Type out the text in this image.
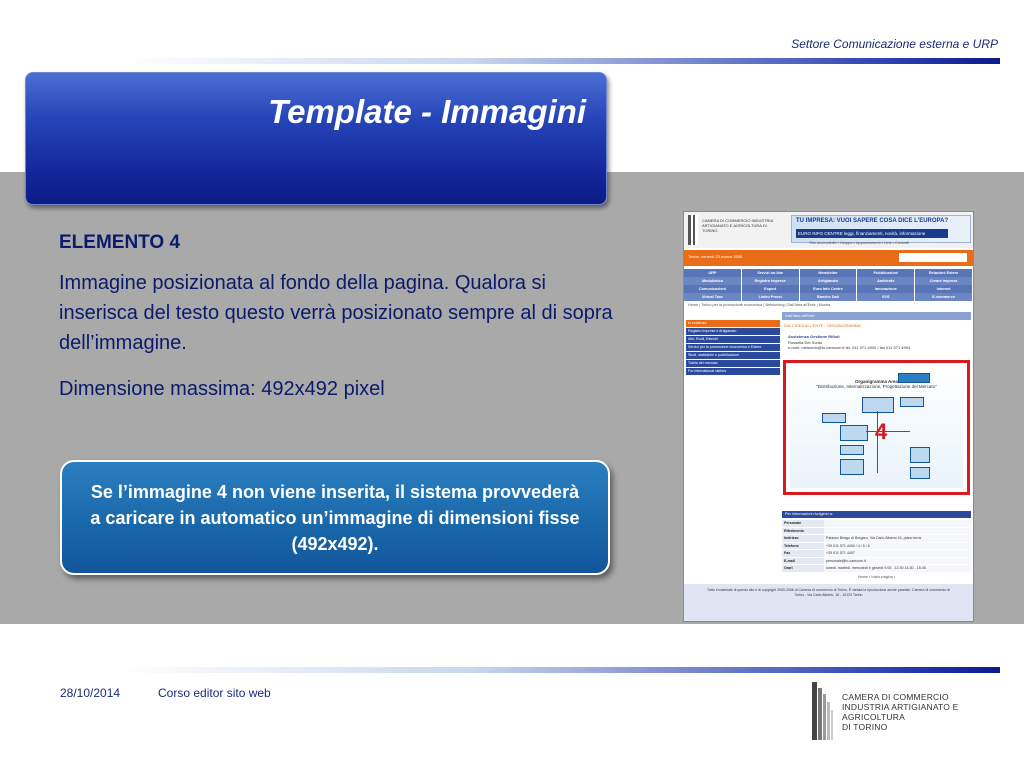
Settore Comunicazione esterna e URP
Template - Immagini

ELEMENTO 4

Immagine posizionata al fondo della pagina. Qualora si inserisca del testo questo verrà posizionato sempre al di sopra dell’immagine.

Dimensione massima: 492x492 pixel

Se l’immagine 4 non viene inserita, il sistema provvederà a caricare in automatico un’immagine di dimensioni fisse (492x492).
CAMERA DI COMMERCIO INDUSTRIA ARTIGIANATO E AGRICOLTURA DI TORINO
TU IMPRESA: VUOI SAPERE COSA DICE L'EUROPA?
EURO INFO CENTRE leggi, finanziamenti, novità, informazione
Sito accessibile • Mappa • Appuntamenti • Link • Contatti
Torino, venerdì 23 marzo 2008
URP	Servizi on-line	Newsletter	Pubblicazioni	Relazioni Estere
Modulistica	Registro Imprese	Artigianato	Ambiente	Creare impresa
Comunicazioni	Export	Euro Info Centre	Innovazione	Internet
Virtual Tour	Listini Prezzi	Banche Dati	SVS	E-commerce
Home | Torino per la promozione economica | Networking | Dall'Idea all'Ente | Mostra
Dall'Idea all'Ente
In evidenza
Registro Imprese e Artigianato
Albi, Ruoli, Elenchi
Servizi per la promozione economica e Estero
Studi, statistiche e pubblicazioni
Tutela del mercato
For international visitors
DALL'IDEA ALL'ENTE - ORGANIGRAMMA
Assistenza Gestione Rifiuti
Rossella Del Sordo
e-mail: rdelsordo@to.camcom.it tel. 011 571 4900 / fax 011 571 4994
Organigramma Area
"Distribuzione, Internalizzazione, Progettazione del Mercato"
4
Per informazioni rivolgersi a:
Personale
Riferimento
Indirizzo	Palazzo Birago di Borgaro, Via Carlo Alberto 16, piano terra
Telefono	+39 011 571 4400 / 4 / 5 / 6
Fax	+39 011 571 4407
E-mail	personale@to.camcom.it
Orari	lunedì, martedì, mercoledì e giovedì 9.00 - 12.30 14.30 - 15.45
Home • Inizio pagina •
Tutto il materiale di questo sito è di copyright 2000-2006 di Camera di commercio di Torino. È vietata la riproduzione anche parziale. Camera di commercio di Torino - Via Carlo Alberto, 16 - 10123 Torino
28/10/2014	Corso editor sito web	CAMERA DI COMMERCIO
INDUSTRIA ARTIGIANATO E AGRICOLTURA
DI TORINO
